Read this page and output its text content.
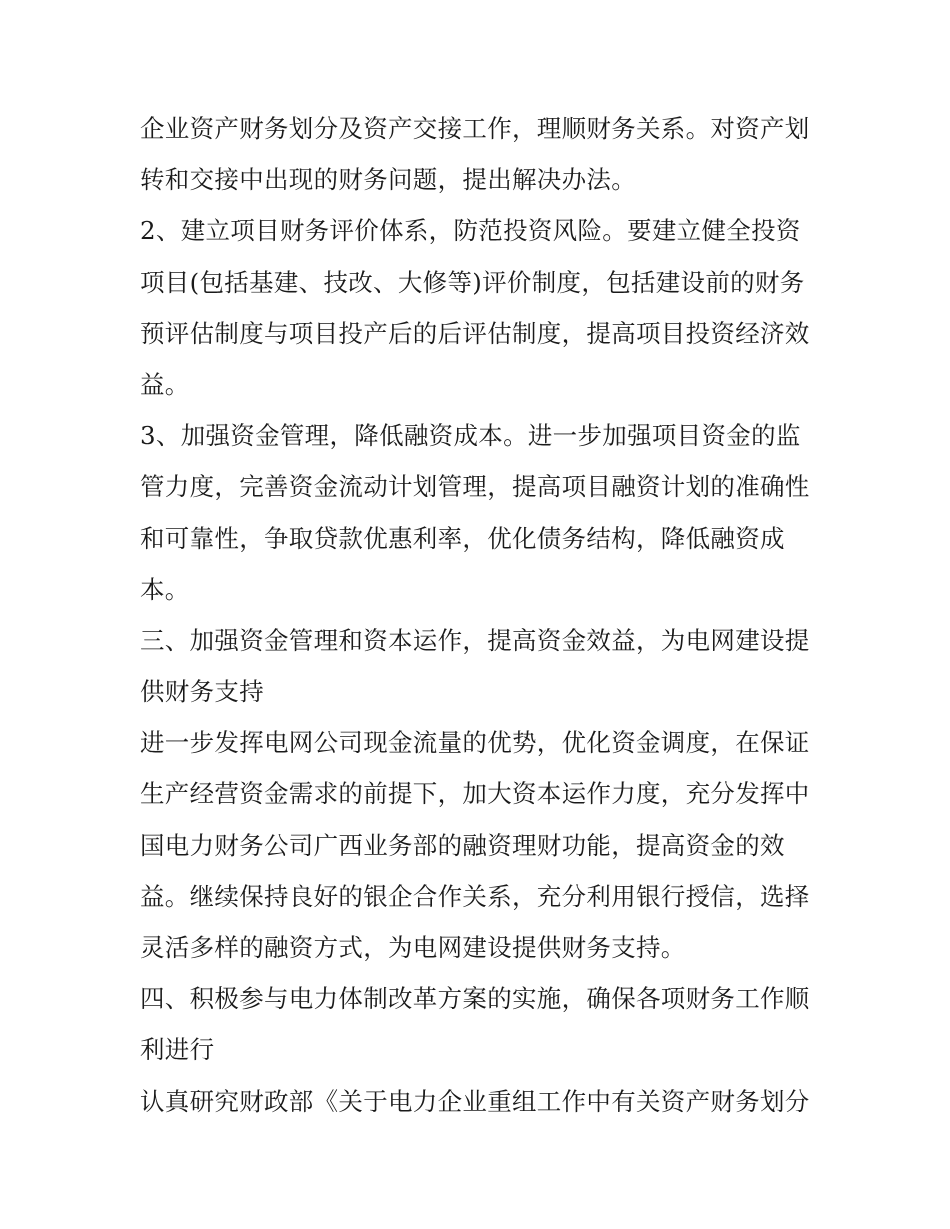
企业资产财务划分及资产交接工作，理顺财务关系。对资产划
转和交接中出现的财务问题，提出解决办法。
2、建立项目财务评价体系，防范投资风险。要建立健全投资
项目(包括基建、技改、大修等)评价制度，包括建设前的财务
预评估制度与项目投产后的后评估制度，提高项目投资经济效
益。
3、加强资金管理，降低融资成本。进一步加强项目资金的监
管力度，完善资金流动计划管理，提高项目融资计划的准确性
和可靠性，争取贷款优惠利率，优化债务结构，降低融资成
本。
三、加强资金管理和资本运作，提高资金效益，为电网建设提
供财务支持
进一步发挥电网公司现金流量的优势，优化资金调度，在保证
生产经营资金需求的前提下，加大资本运作力度，充分发挥中
国电力财务公司广西业务部的融资理财功能，提高资金的效
益。继续保持良好的银企合作关系，充分利用银行授信，选择
灵活多样的融资方式，为电网建设提供财务支持。
四、积极参与电力体制改革方案的实施，确保各项财务工作顺
利进行
认真研究财政部《关于电力企业重组工作中有关资产财务划分
